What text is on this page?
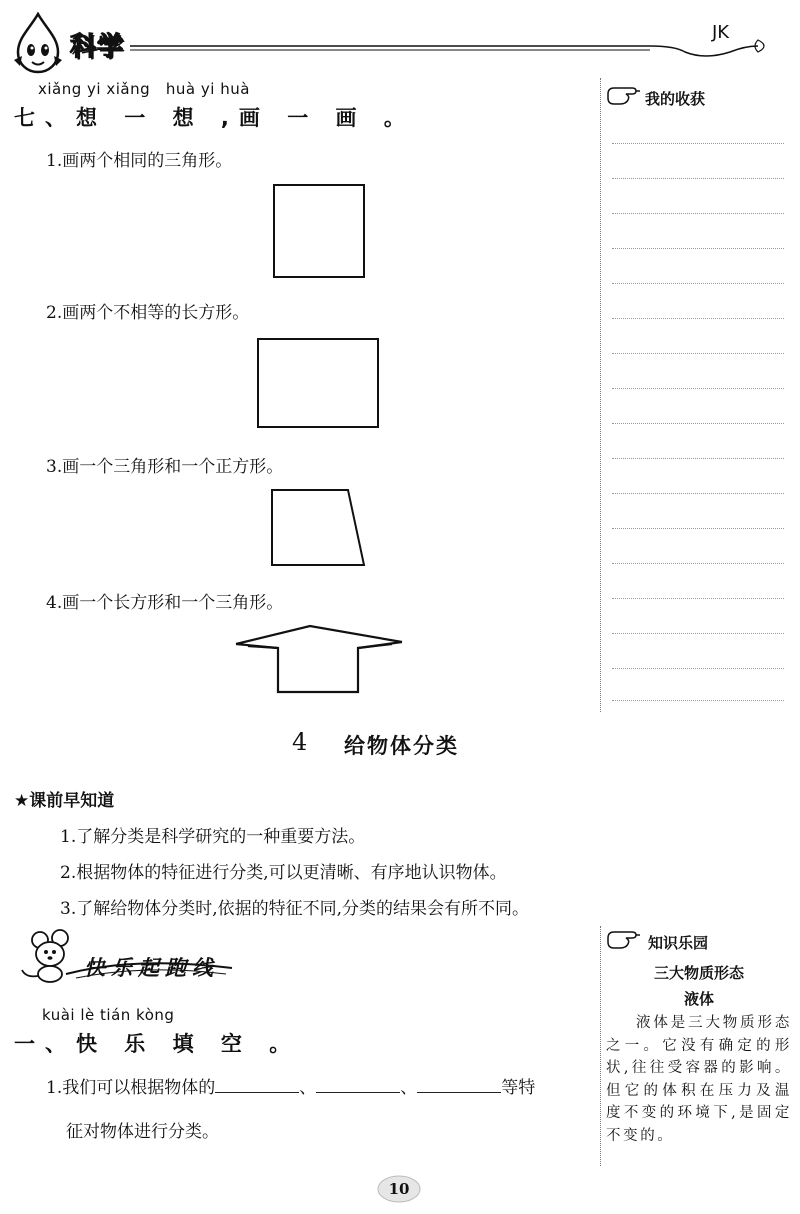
科学	JK
xiǎng yi xiǎng   huà yi huà
七、想 一 想 ,画 一 画 。
1.画两个相同的三角形。
2.画两个不相等的长方形。
3.画一个三角形和一个正方形。
4.画一个长方形和一个三角形。
我的收获
4 给物体分类
★课前早知道
1.了解分类是科学研究的一种重要方法。
2.根据物体的特征进行分类,可以更清晰、有序地认识物体。
3.了解给物体分类时,依据的特征不同,分类的结果会有所不同。
快乐起跑线
kuài lè tián kòng
一、快 乐 填 空 。
1.我们可以根据物体的	、	、	等特
征对物体进行分类。
知识乐园
三大物质形态
液体
液体是三大物质形态之一。它没有确定的形状,往往受容器的影响。但它的体积在压力及温度不变的环境下,是固定不变的。
10
